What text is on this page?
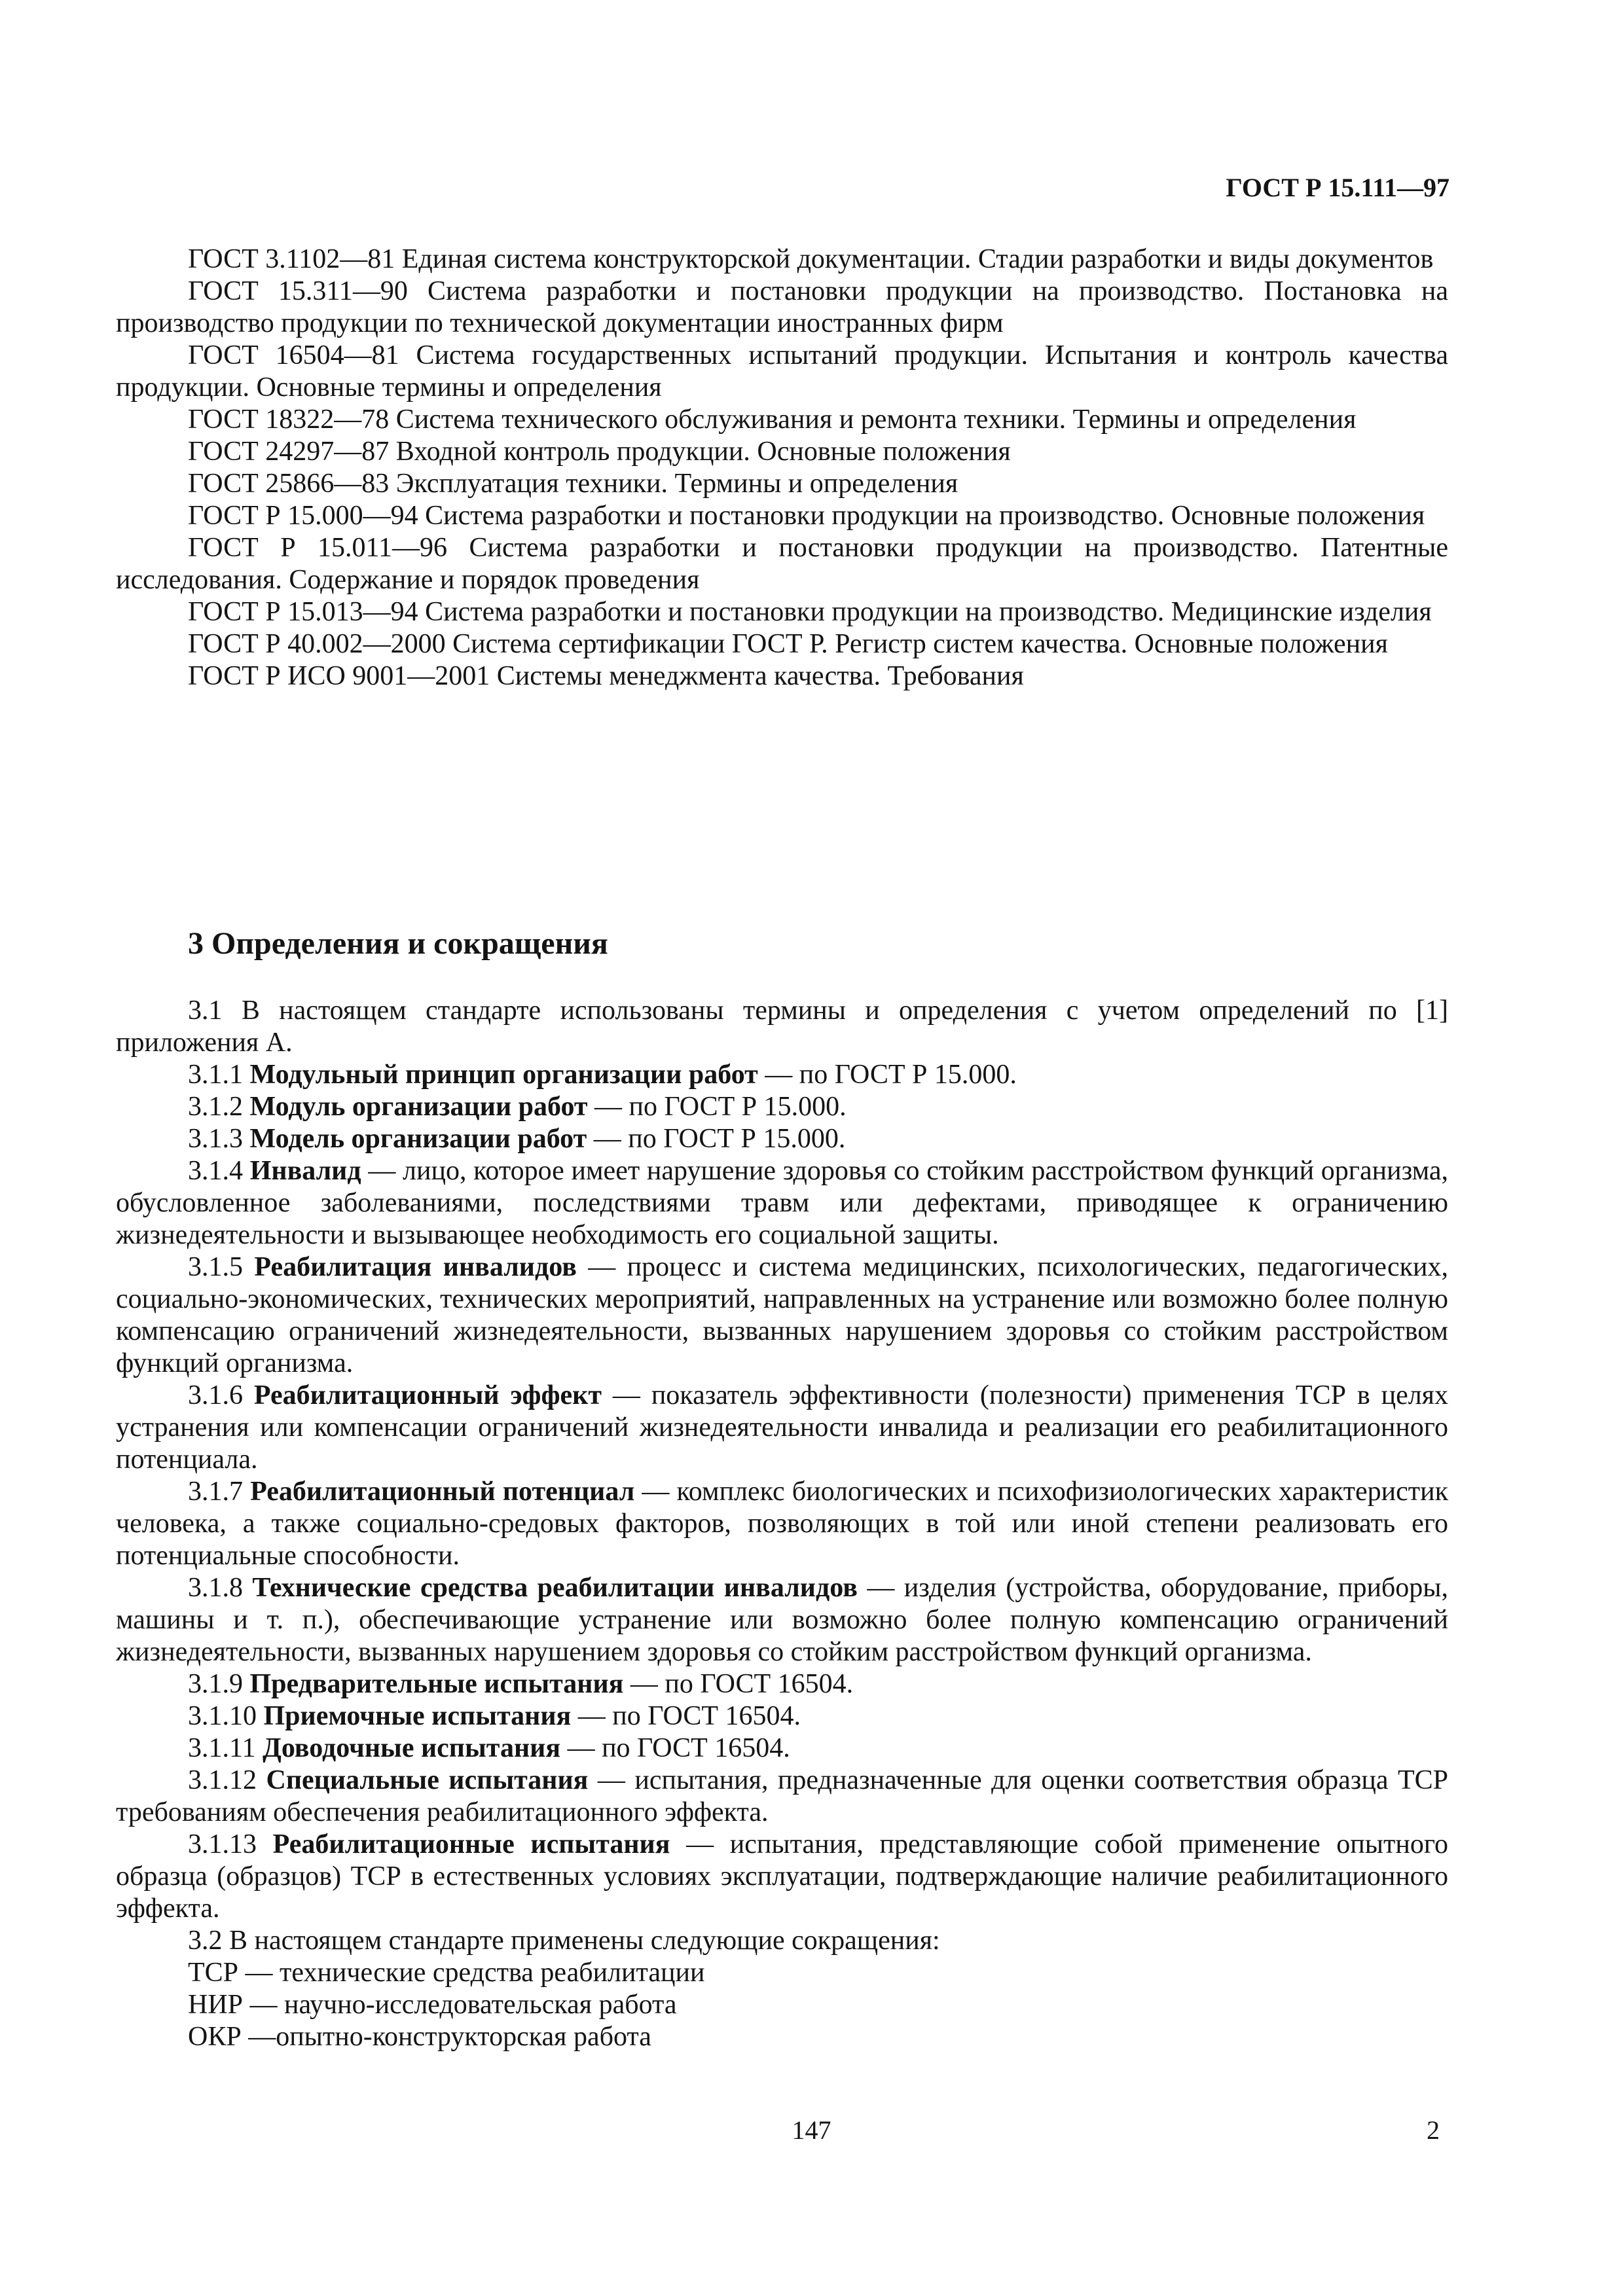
ГОСТ Р 15.111—97

ГОСТ 3.1102—81 Единая система конструкторской документации. Стадии разработки и виды документов

ГОСТ 15.311—90 Система разработки и постановки продукции на производство. Постановка на производство продукции по технической документации иностранных фирм

ГОСТ 16504—81 Система государственных испытаний продукции. Испытания и контроль качества продукции. Основные термины и определения

ГОСТ 18322—78 Система технического обслуживания и ремонта техники. Термины и определения

ГОСТ 24297—87 Входной контроль продукции. Основные положения

ГОСТ 25866—83 Эксплуатация техники. Термины и определения

ГОСТ Р 15.000—94 Система разработки и постановки продукции на производство. Основные положения

ГОСТ Р 15.011—96 Система разработки и постановки продукции на производство. Патентные исследования. Содержание и порядок проведения

ГОСТ Р 15.013—94 Система разработки и постановки продукции на производство. Медицинские изделия

ГОСТ Р 40.002—2000 Система сертификации ГОСТ Р. Регистр систем качества. Основные положения

ГОСТ Р ИСО 9001—2001 Системы менеджмента качества. Требования

3 Определения и сокращения

3.1 В настоящем стандарте использованы термины и определения с учетом определений по [1] приложения А.

3.1.1 Модульный принцип организации работ — по ГОСТ Р 15.000.

3.1.2 Модуль организации работ — по ГОСТ Р 15.000.

3.1.3 Модель организации работ — по ГОСТ Р 15.000.

3.1.4 Инвалид — лицо, которое имеет нарушение здоровья со стойким расстройством функций организма, обусловленное заболеваниями, последствиями травм или дефектами, приводящее к ограничению жизнедеятельности и вызывающее необходимость его социальной защиты.

3.1.5 Реабилитация инвалидов — процесс и система медицинских, психологических, педагогических, социально-экономических, технических мероприятий, направленных на устранение или возможно более полную компенсацию ограничений жизнедеятельности, вызванных нарушением здоровья со стойким расстройством функций организма.

3.1.6 Реабилитационный эффект — показатель эффективности (полезности) применения ТСР в целях устранения или компенсации ограничений жизнедеятельности инвалида и реализации его реабилитационного потенциала.

3.1.7 Реабилитационный потенциал — комплекс биологических и психофизиологических характеристик человека, а также социально-средовых факторов, позволяющих в той или иной степени реализовать его потенциальные способности.

3.1.8 Технические средства реабилитации инвалидов — изделия (устройства, оборудование, приборы, машины и т. п.), обеспечивающие устранение или возможно более полную компенсацию ограничений жизнедеятельности, вызванных нарушением здоровья со стойким расстройством функций организма.

3.1.9 Предварительные испытания — по ГОСТ 16504.

3.1.10 Приемочные испытания — по ГОСТ 16504.

3.1.11 Доводочные испытания — по ГОСТ 16504.

3.1.12 Специальные испытания — испытания, предназначенные для оценки соответствия образца ТСР требованиям обеспечения реабилитационного эффекта.

3.1.13 Реабилитационные испытания — испытания, представляющие собой применение опытного образца (образцов) ТСР в естественных условиях эксплуатации, подтверждающие наличие реабилитационного эффекта.

3.2 В настоящем стандарте применены следующие сокращения:

ТСР — технические средства реабилитации

НИР — научно-исследовательская работа

ОКР —опытно-конструкторская работа

147	2
